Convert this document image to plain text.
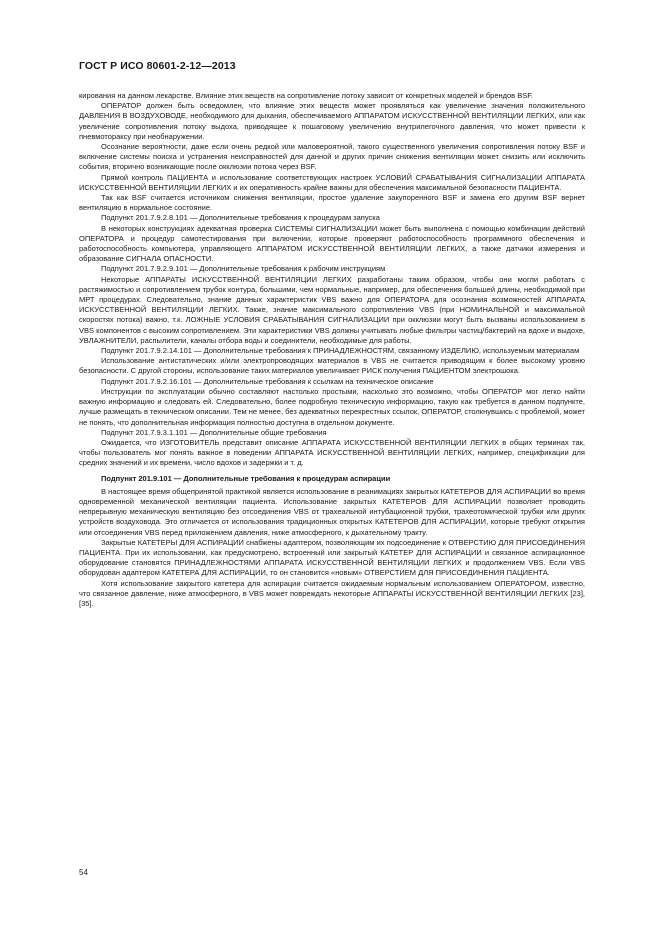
ГОСТ Р ИСО 80601-2-12—2013

кирования на данном лекарстве. Влияние этих веществ на сопротивление потоку зависит от конкретных моделей и брендов BSF.

ОПЕРАТОР должен быть осведомлен, что влияние этих веществ может проявляться как увеличение значения положительного ДАВЛЕНИЯ В ВОЗДУХОВОДЕ, необходимого для дыхания, обеспечиваемого АППАРАТОМ ИСКУССТВЕННОЙ ВЕНТИЛЯЦИИ ЛЕГКИХ, или как увеличение сопротивления потоку выдоха, приводящее к пошаговому увеличению внутрилегочного давления, что может привести к пневмотораксу при необнаружении.

Осознание вероятности, даже если очень редкой или маловероятной, такого существенного увеличения сопротивления потоку BSF и включение системы поиска и устранения неисправностей для данной и других причин снижения вентиляции может снизить или исключить события, вторично возникающие после окклюзии потока через BSF.

Прямой контроль ПАЦИЕНТА и использование соответствующих настроек УСЛОВИЙ СРАБАТЫВАНИЯ СИГНАЛИЗАЦИИ АППАРАТА ИСКУССТВЕННОЙ ВЕНТИЛЯЦИИ ЛЕГКИХ и их оперативность крайне важны для обеспечения максимальной безопасности ПАЦИЕНТА.

Так как BSF считается источником снижения вентиляции, простое удаление закупоренного BSF и замена его другим BSF вернет вентиляцию в нормальное состояние.

Подпункт 201.7.9.2.8.101 — Дополнительные требования к процедурам запуска

В некоторых конструкциях адекватная проверка СИСТЕМЫ СИГНАЛИЗАЦИИ может быть выполнена с помощью комбинации действий ОПЕРАТОРА и процедур самотестирования при включении, которые проверяют работоспособность программного обеспечения и работоспособность компьютера, управляющего АППАРАТОМ ИСКУССТВЕННОЙ ВЕНТИЛЯЦИИ ЛЕГКИХ, а также датчики измерения и образование СИГНАЛА ОПАСНОСТИ.

Подпункт 201.7.9.2.9.101 — Дополнительные требования к рабочим инструкциям

Некоторые АППАРАТЫ ИСКУССТВЕННОЙ ВЕНТИЛЯЦИИ ЛЕГКИХ разработаны таким образом, чтобы они могли работать с растяжимостью и сопротивлением трубок контура, большими, чем нормальные, например, для обеспечения большей длины, необходимой при МРТ процедурах. Следовательно, знание данных характеристик VBS важно для ОПЕРАТОРА для осознания возможностей АППАРАТА ИСКУССТВЕННОЙ ВЕНТИЛЯЦИИ ЛЕГКИХ. Также, знание максимального сопротивления VBS (при НОМИНАЛЬНОЙ и максимальной скоростях потока) важно, т.к. ЛОЖНЫЕ УСЛОВИЯ СРАБАТЫВАНИЯ СИГНАЛИЗАЦИИ при окклюзии могут быть вызваны использованием в VBS компонентов с высоким сопротивлением. Эти характеристики VBS должны учитывать любые фильтры частиц/бактерий на вдохе и выдохе, УВЛАЖНИТЕЛИ, распылители, каналы отбора воды и соединители, необходимые для работы.

Подпункт 201.7.9.2.14.101 — Дополнительные требования к ПРИНАДЛЕЖНОСТЯМ, связанному ИЗДЕЛИЮ, используемым материалам

Использование антистатических и/или электропроводящих материалов в VBS не считается приводящим к более высокому уровню безопасности. С другой стороны, использование таких материалов увеличивает РИСК получения ПАЦИЕНТОМ электрошока.

Подпункт 201.7.9.2.16.101 — Дополнительные требования к ссылкам на техническое описание

Инструкции по эксплуатации обычно составляют настолько простыми, насколько это возможно, чтобы ОПЕРАТОР мог легко найти важную информацию и следовать ей. Следовательно, более подробную техническую информацию, такую как требуется в данном подпункте, лучше размещать в техническом описании. Тем не менее, без адекватных перекрестных ссылок, ОПЕРАТОР, столкнувшись с проблемой, может не понять, что дополнительная информация полностью доступна в отдельном документе.

Подпункт 201.7.9.3.1.101 — Дополнительные общие требования

Ожидается, что ИЗГОТОВИТЕЛЬ представит описание АППАРАТА ИСКУССТВЕННОЙ ВЕНТИЛЯЦИИ ЛЕГКИХ в общих терминах так, чтобы пользователь мог понять важное в поведении АППАРАТА ИСКУССТВЕННОЙ ВЕНТИЛЯЦИИ ЛЕГКИХ, например, спецификации для средних значений и их времени, число вдохов и задержки и т. д.

Подпункт 201.9.101 — Дополнительные требования к процедурам аспирации

В настоящее время общепринятой практикой является использование в реанимациях закрытых КАТЕТЕРОВ ДЛЯ АСПИРАЦИИ во время одновременной механической вентиляции пациента. Использование закрытых КАТЕТЕРОВ ДЛЯ АСПИРАЦИИ позволяет проводить непрерывную механическую вентиляцию без отсоединения VBS от трахеальной интубационной трубки, трахеотомической трубки или других устройств воздуховода. Это отличается от использования традиционных открытых КАТЕТЕРОВ ДЛЯ АСПИРАЦИИ, которые требуют открытия или отсоединения VBS перед приложением давления, ниже атмосферного, к дыхательному тракту.

Закрытые КАТЕТЕРЫ ДЛЯ АСПИРАЦИИ снабжены адаптером, позволяющим их подсоединение к ОТВЕРСТИЮ ДЛЯ ПРИСОЕДИНЕНИЯ ПАЦИЕНТА. При их использовании, как предусмотрено, встроенный или закрытый КАТЕТЕР ДЛЯ АСПИРАЦИИ и связанное аспирационное оборудование становятся ПРИНАДЛЕЖНОСТЯМИ АППАРАТА ИСКУССТВЕННОЙ ВЕНТИЛЯЦИИ ЛЕГКИХ и продолжением VBS. Если VBS оборудован адаптером КАТЕТЕРА ДЛЯ АСПИРАЦИИ, то он становится «новым» ОТВЕРСТИЕМ ДЛЯ ПРИСОЕДИНЕНИЯ ПАЦИЕНТА.

Хотя использование закрытого катетера для аспирации считается ожидаемым нормальным использованием ОПЕРАТОРОМ, известно, что связанное давление, ниже атмосферного, в VBS может повреждать некоторые АППАРАТЫ ИСКУССТВЕННОЙ ВЕНТИЛЯЦИИ ЛЕГКИХ [23], [35].

54
